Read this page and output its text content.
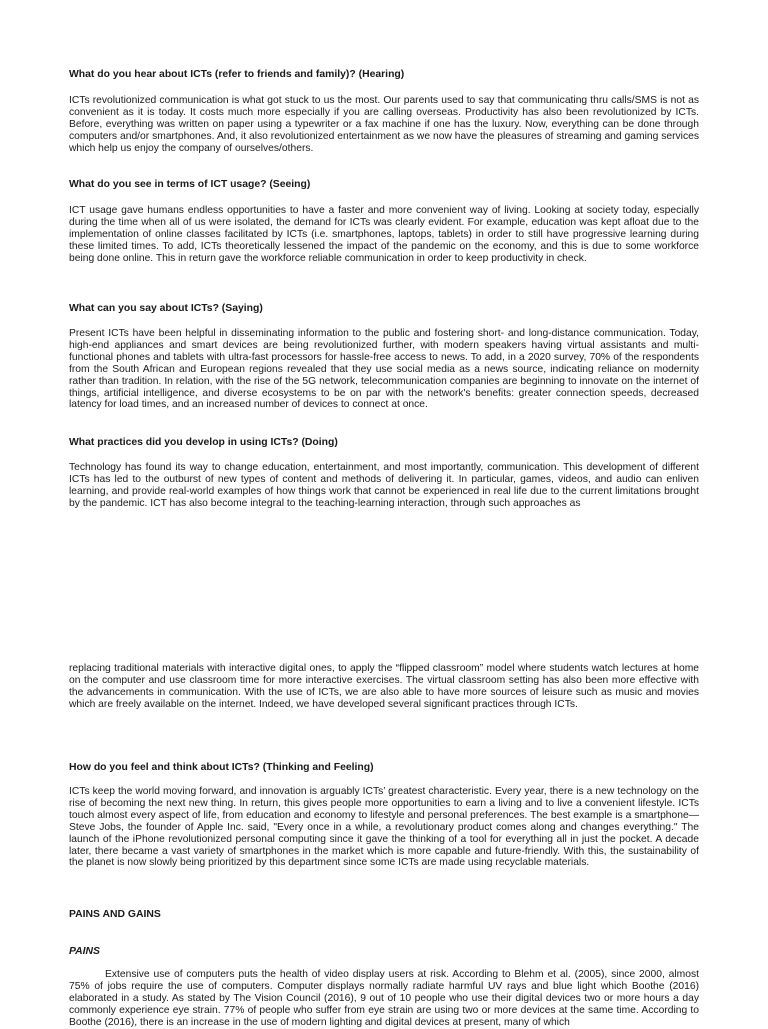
What do you hear about ICTs (refer to friends and family)? (Hearing)

ICTs revolutionized communication is what got stuck to us the most. Our parents used to say that communicating thru calls/SMS is not as convenient as it is today. It costs much more especially if you are calling overseas. Productivity has also been revolutionized by ICTs. Before, everything was written on paper using a typewriter or a fax machine if one has the luxury. Now, everything can be done through computers and/or smartphones. And, it also revolutionized entertainment as we now have the pleasures of streaming and gaming services which help us enjoy the company of ourselves/others.

What do you see in terms of ICT usage? (Seeing)

ICT usage gave humans endless opportunities to have a faster and more convenient way of living. Looking at society today, especially during the time when all of us were isolated, the demand for ICTs was clearly evident. For example, education was kept afloat due to the implementation of online classes facilitated by ICTs (i.e. smartphones, laptops, tablets) in order to still have progressive learning during these limited times. To add, ICTs theoretically lessened the impact of the pandemic on the economy, and this is due to some workforce being done online. This in return gave the workforce reliable communication in order to keep productivity in check.

What can you say about ICTs? (Saying)

Present ICTs have been helpful in disseminating information to the public and fostering short- and long-distance communication. Today, high-end appliances and smart devices are being revolutionized further, with modern speakers having virtual assistants and multi-functional phones and tablets with ultra-fast processors for hassle-free access to news. To add, in a 2020 survey, 70% of the respondents from the South African and European regions revealed that they use social media as a news source, indicating reliance on modernity rather than tradition. In relation, with the rise of the 5G network, telecommunication companies are beginning to innovate on the internet of things, artificial intelligence, and diverse ecosystems to be on par with the network's benefits: greater connection speeds, decreased latency for load times, and an increased number of devices to connect at once.

What practices did you develop in using ICTs? (Doing)

Technology has found its way to change education, entertainment, and most importantly, communication. This development of different ICTs has led to the outburst of new types of content and methods of delivering it. In particular, games, videos, and audio can enliven learning, and provide real-world examples of how things work that cannot be experienced in real life due to the current limitations brought by the pandemic. ICT has also become integral to the teaching-learning interaction, through such approaches as

replacing traditional materials with interactive digital ones, to apply the “flipped classroom” model where students watch lectures at home on the computer and use classroom time for more interactive exercises. The virtual classroom setting has also been more effective with the advancements in communication. With the use of ICTs, we are also able to have more sources of leisure such as music and movies which are freely available on the internet. Indeed, we have developed several significant practices through ICTs.

How do you feel and think about ICTs? (Thinking and Feeling)

ICTs keep the world moving forward, and innovation is arguably ICTs’ greatest characteristic. Every year, there is a new technology on the rise of becoming the next new thing. In return, this gives people more opportunities to earn a living and to live a convenient lifestyle. ICTs touch almost every aspect of life, from education and economy to lifestyle and personal preferences. The best example is a smartphone—Steve Jobs, the founder of Apple Inc. said, "Every once in a while, a revolutionary product comes along and changes everything." The launch of the iPhone revolutionized personal computing since it gave the thinking of a tool for everything all in just the pocket. A decade later, there became a vast variety of smartphones in the market which is more capable and future-friendly. With this, the sustainability of the planet is now slowly being prioritized by this department since some ICTs are made using recyclable materials.

PAINS AND GAINS
PAINS

Extensive use of computers puts the health of video display users at risk. According to Blehm et al. (2005), since 2000, almost 75% of jobs require the use of computers. Computer displays normally radiate harmful UV rays and blue light which Boothe (2016) elaborated in a study. As stated by The Vision Council (2016), 9 out of 10 people who use their digital devices two or more hours a day commonly experience eye strain. 77% of people who suffer from eye strain are using two or more devices at the same time. According to Boothe (2016), there is an increase in the use of modern lighting and digital devices at present, many of which
